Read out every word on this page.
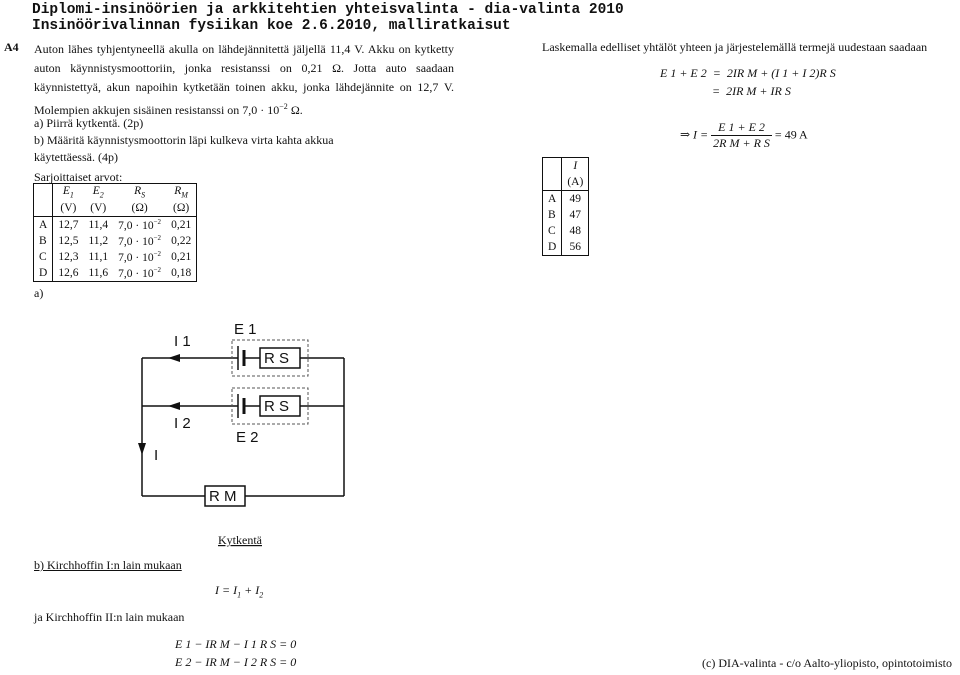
Diplomi-insinöörien ja arkkitehtien yhteisvalinta - dia-valinta 2010
Insinöörivalinnan fysiikan koe 2.6.2010, malliratkaisut
A4 Auton lähes tyhjentyneellä akulla on lähdejännitettä jäljellä 11,4 V. Akku on kytketty auton käynnistysmoottoriin, jonka resistanssi on 0,21 Ω. Jotta auto saadaan käynnistettyä, akun napoihin kytketään toinen akku, jonka lähdejännite on 12,7 V. Molempien akkujen sisäinen resistanssi on $7,0 \cdot 10^{-2}$ Ω.
a) Piirrä kytkentä. (2p)
b) Määritä käynnistysmoottorin läpi kulkeva virta kahta akkua käytettäessä. (4p)
Sarjoittaiset arvot:
	$E_1$	$E_2$	$R_S$	$R_M$
	(V)	(V)	(Ω)	(Ω)
A	12,7	11,4	$7,0 \cdot 10^{-2}$	0,21
B	12,5	11,2	$7,0 \cdot 10^{-2}$	0,22
C	12,3	11,1	$7,0 \cdot 10^{-2}$	0,21
D	12,6	11,6	$7,0 \cdot 10^{-2}$	0,18
a)
I 1
I 2
I
E 1
E 2
R S
R S
R M
Kytkentä
b) Kirchhoffin I:n lain mukaan
$I = I_1 + I_2$
ja Kirchhoffin II:n lain mukaan
E 1 − IR M − I 1 R S = 0
E 2 − IR M − I 2 R S = 0
Laskemalla edelliset yhtälöt yhteen ja järjestelemällä termejä uudestaan saadaan
E 1 + E 2  =  2IR M + (I 1 + I 2)R S
=  2IR M + IR S
⇒ $I = \frac{E 1 + E 2}{\text{2R M + R S}} = 49$ A
	I
	(A)
A	49
B	47
C	48
D	56
(c) DIA-valinta - c/o Aalto-yliopisto, opintotoimisto
